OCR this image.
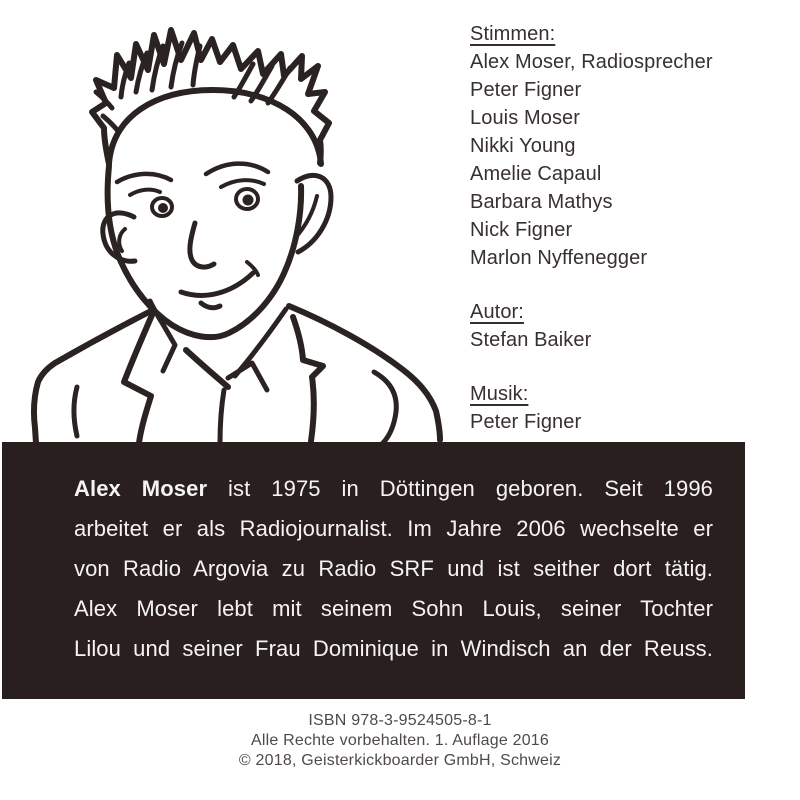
Stimmen:
Alex Moser, Radiosprecher
Peter Figner
Louis Moser
Nikki Young
Amelie Capaul
Barbara Mathys
Nick Figner
Marlon Nyffenegger
Autor:
Stefan Baiker
Musik:
Peter Figner
Alex Moser ist 1975 in Döttingen geboren. Seit 1996
arbeitet er als Radiojournalist. Im Jahre 2006 wechselte er
von Radio Argovia zu Radio SRF und ist seither dort tätig.
Alex Moser lebt mit seinem Sohn Louis, seiner Tochter
Lilou und seiner Frau Dominique in Windisch an der Reuss.
ISBN 978-3-9524505-8-1
Alle Rechte vorbehalten. 1. Auflage 2016
© 2018, Geisterkickboarder GmbH, Schweiz
